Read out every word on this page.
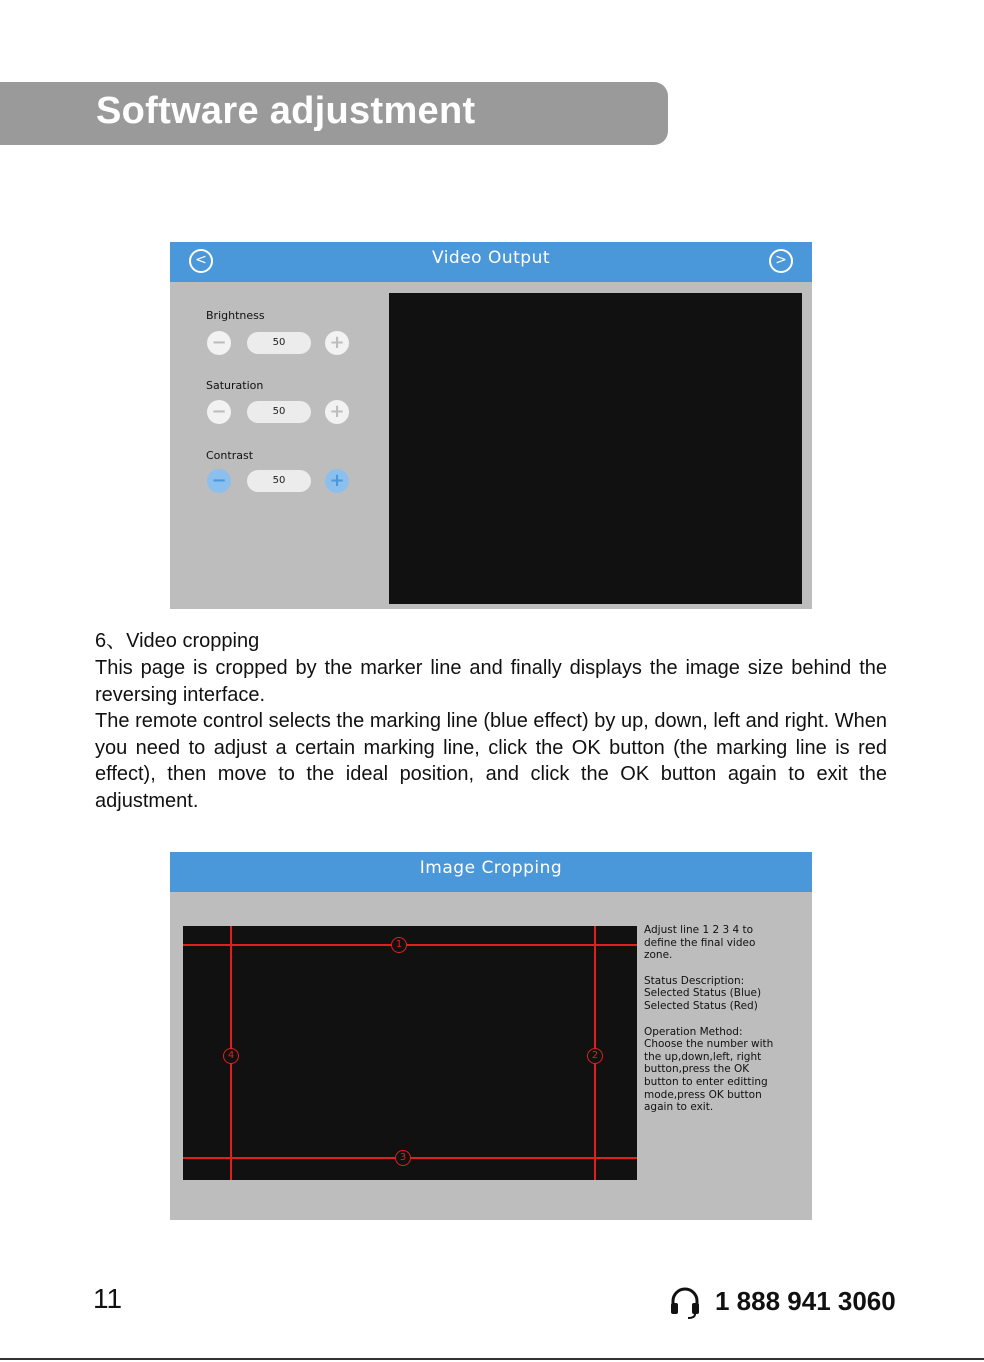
Software adjustment
<	Video Output	>
Brightness
−	50	+
Saturation
−	50	+
Contrast
−	50	+
6、Video cropping

This page is cropped by the marker line and finally displays the image size behind the reversing interface.

The remote control selects the marking line (blue effect) by up, down, left and right. When you need to adjust a certain marking line, click the OK button (the marking line is red effect), then move to the ideal position, and click the OK button again to exit the adjustment.

Image Cropping
1
2
3
4

Adjust line 1 2 3 4 to
define the final video
zone.

Status Description:
Selected Status (Blue)
Selected Status (Red)

Operation Method:
Choose the number with
the up,down,left, right
button,press the OK
button to enter editting
mode,press OK button
again to exit.

11	1 888 941 3060
